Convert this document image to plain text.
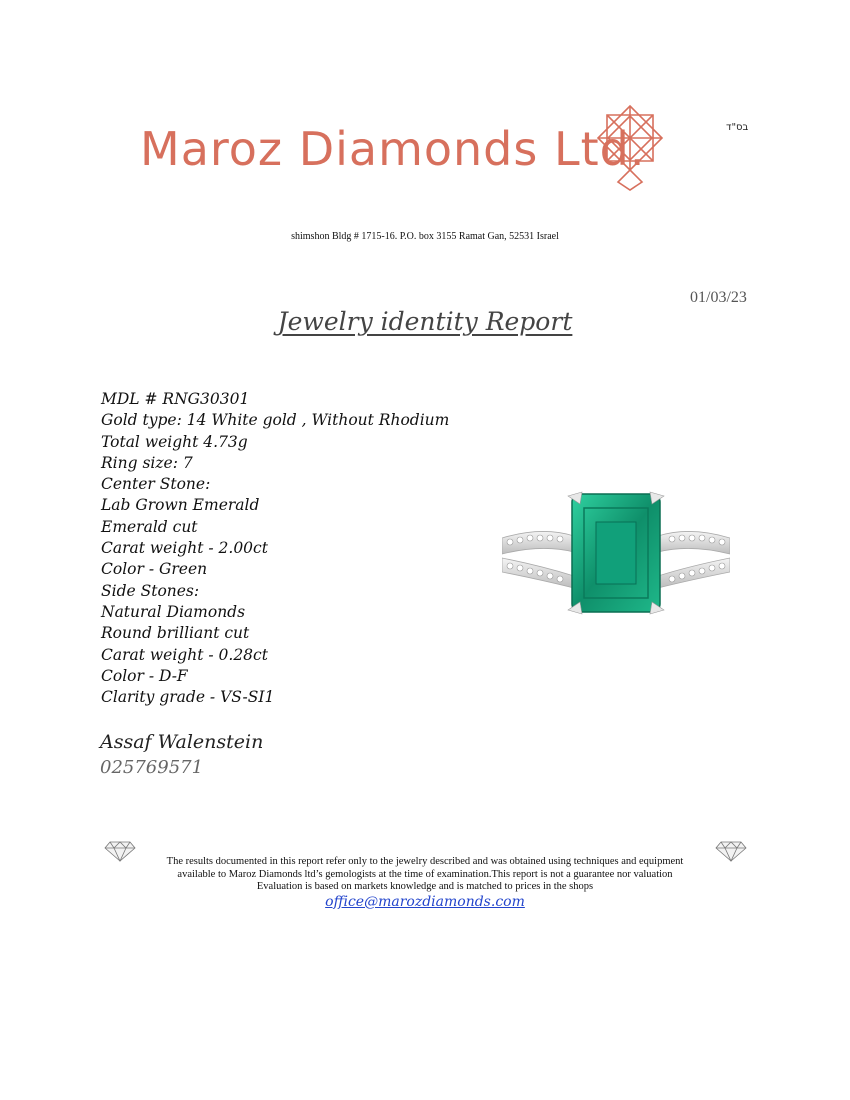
בס"ד
Maroz Diamonds Ltd.
shimshon Bldg # 1715-16. P.O. box 3155 Ramat Gan, 52531 Israel
01/03/23
Jewelry identity Report
MDL # RNG30301
Gold type: 14 White gold , Without Rhodium
Total weight 4.73g
Ring size: 7
Center Stone:
Lab Grown Emerald
Emerald cut
Carat weight - 2.00ct
Color - Green
Side Stones:
Natural Diamonds
Round brilliant cut
Carat weight - 0.28ct
Color - D-F
Clarity grade - VS-SI1
Assaf Walenstein
025769571
The results documented in this report refer only to the jewelry described and was obtained using techniques and equipment
available to Maroz Diamonds ltd’s gemologists at the time of examination.This report is not a guarantee nor valuation
Evaluation is based on markets knowledge and is matched to prices in the shops
office@marozdiamonds.com
